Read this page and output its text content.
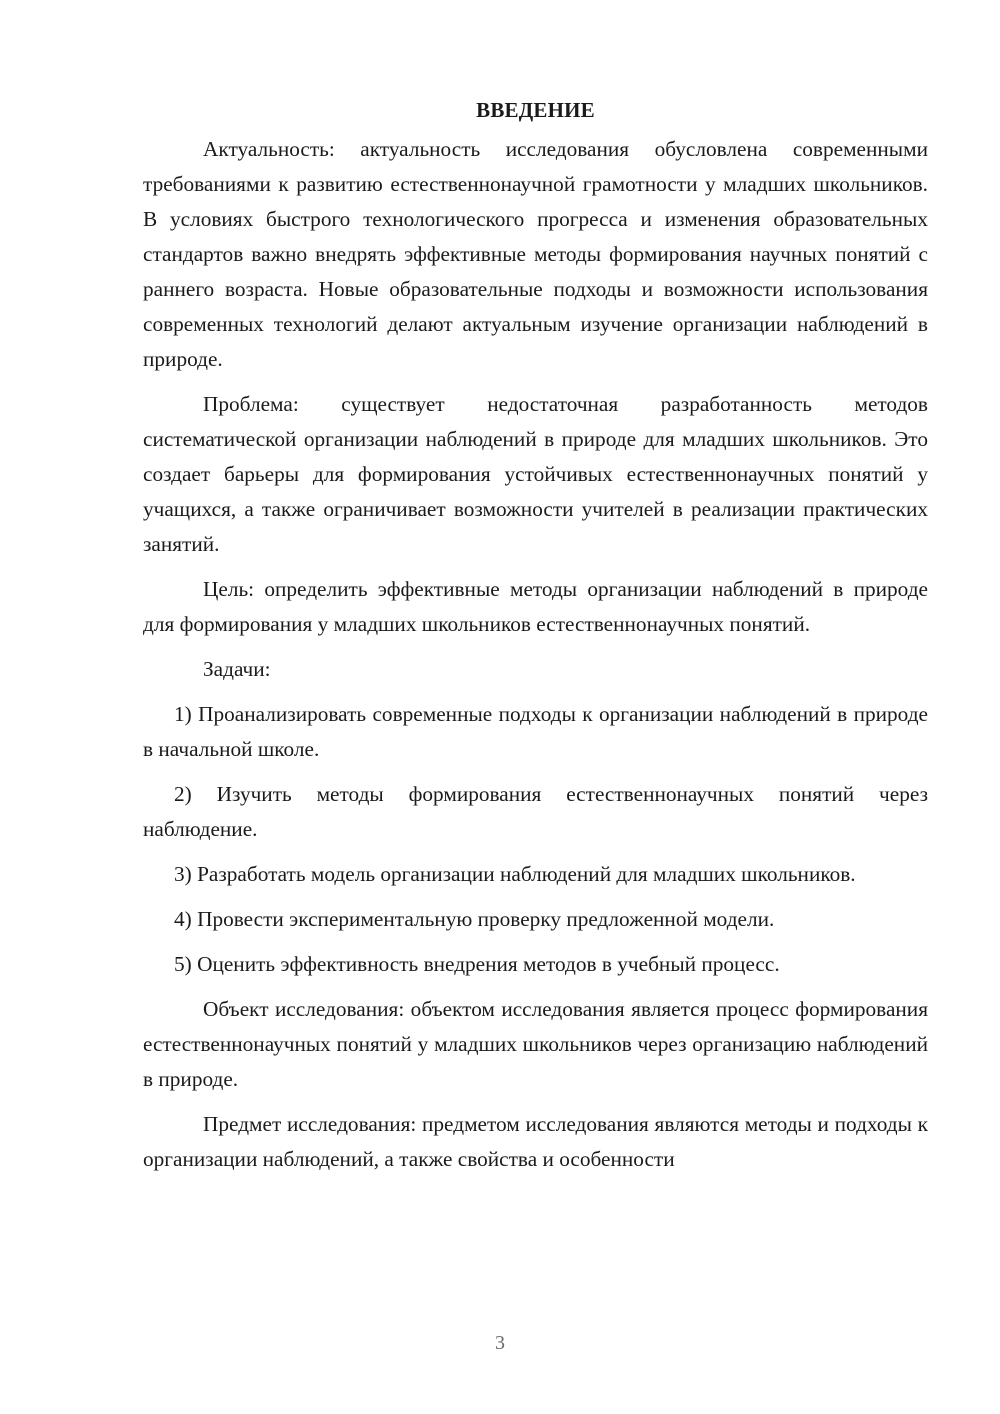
ВВЕДЕНИЕ

Актуальность: актуальность исследования обусловлена современными требованиями к развитию естественнонаучной грамотности у младших школьников. В условиях быстрого технологического прогресса и изменения образовательных стандартов важно внедрять эффективные методы формирования научных понятий с раннего возраста. Новые образовательные подходы и возможности использования современных технологий делают актуальным изучение организации наблюдений в природе.

Проблема: существует недостаточная разработанность методов систематической организации наблюдений в природе для младших школьников. Это создает барьеры для формирования устойчивых естественнонаучных понятий у учащихся, а также ограничивает возможности учителей в реализации практических занятий.

Цель: определить эффективные методы организации наблюдений в природе для формирования у младших школьников естественнонаучных понятий.

Задачи:

1) Проанализировать современные подходы к организации наблюдений в природе в начальной школе.

2) Изучить методы формирования естественнонаучных понятий через наблюдение.

3) Разработать модель организации наблюдений для младших школьников.

4) Провести экспериментальную проверку предложенной модели.

5) Оценить эффективность внедрения методов в учебный процесс.

Объект исследования: объектом исследования является процесс формирования естественнонаучных понятий у младших школьников через организацию наблюдений в природе.

Предмет исследования: предметом исследования являются методы и подходы к организации наблюдений, а также свойства и особенности

3
